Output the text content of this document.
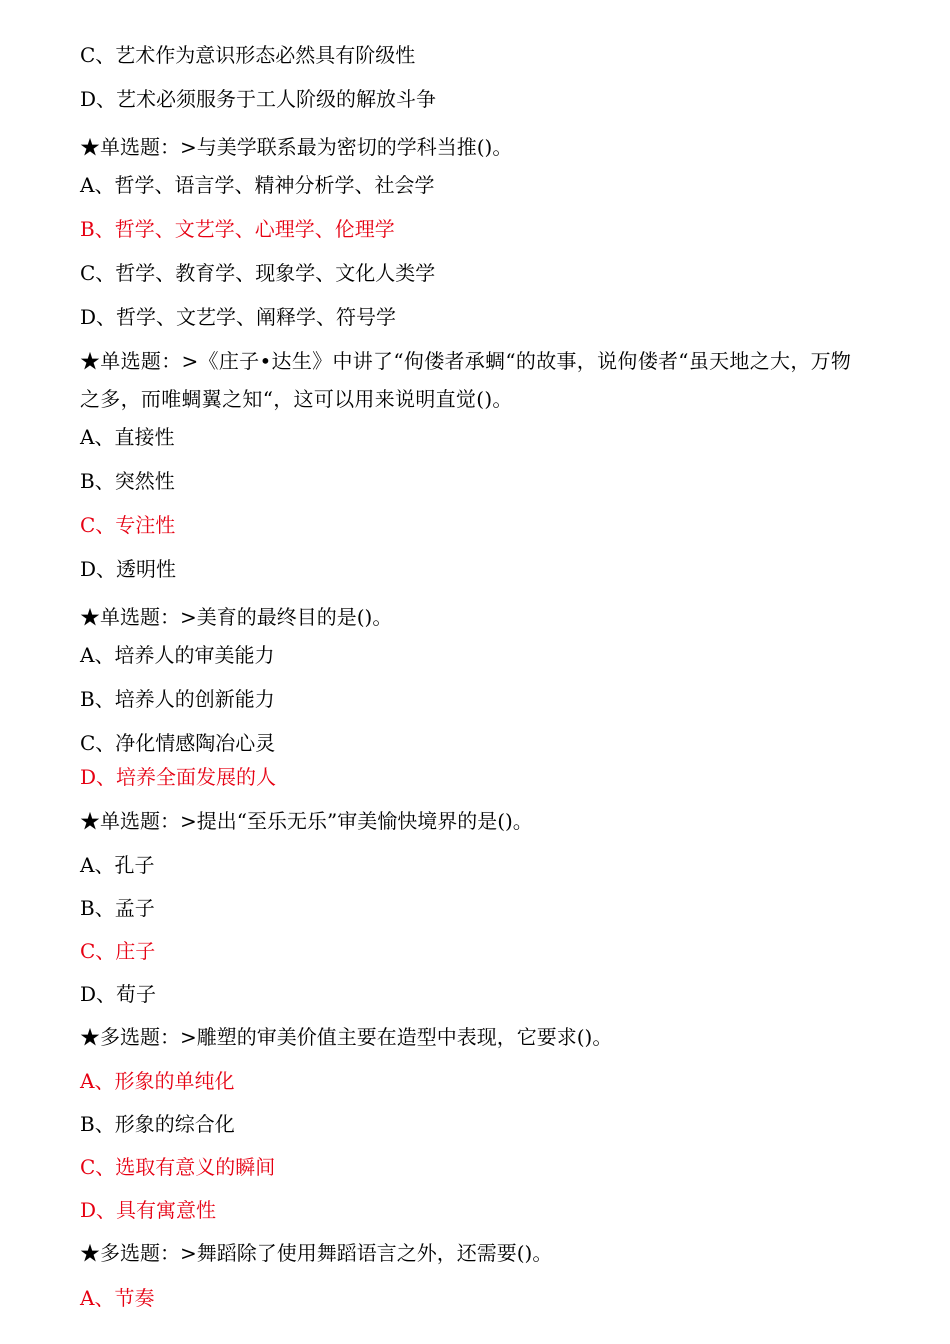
C、艺术作为意识形态必然具有阶级性
D、艺术必须服务于工人阶级的解放斗争
★单选题：>与美学联系最为密切的学科当推()。
A、哲学、语言学、精神分析学、社会学
B、哲学、文艺学、心理学、伦理学
C、哲学、教育学、现象学、文化人类学
D、哲学、文艺学、阐释学、符号学
★单选题：>《庄子•达生》中讲了“佝偻者承蜩“的故事，说佝偻者“虽天地之大，万物之多，而唯蜩翼之知“，这可以用来说明直觉()。
A、直接性
B、突然性
C、专注性
D、透明性
★单选题：>美育的最终目的是()。
A、培养人的审美能力
B、培养人的创新能力
C、净化情感陶冶心灵
D、培养全面发展的人
★单选题：>提出“至乐无乐”审美愉快境界的是()。
A、孔子
B、孟子
C、庄子
D、荀子
★多选题：>雕塑的审美价值主要在造型中表现，它要求()。
A、形象的单纯化
B、形象的综合化
C、选取有意义的瞬间
D、具有寓意性
★多选题：>舞蹈除了使用舞蹈语言之外，还需要()。
A、节奏
